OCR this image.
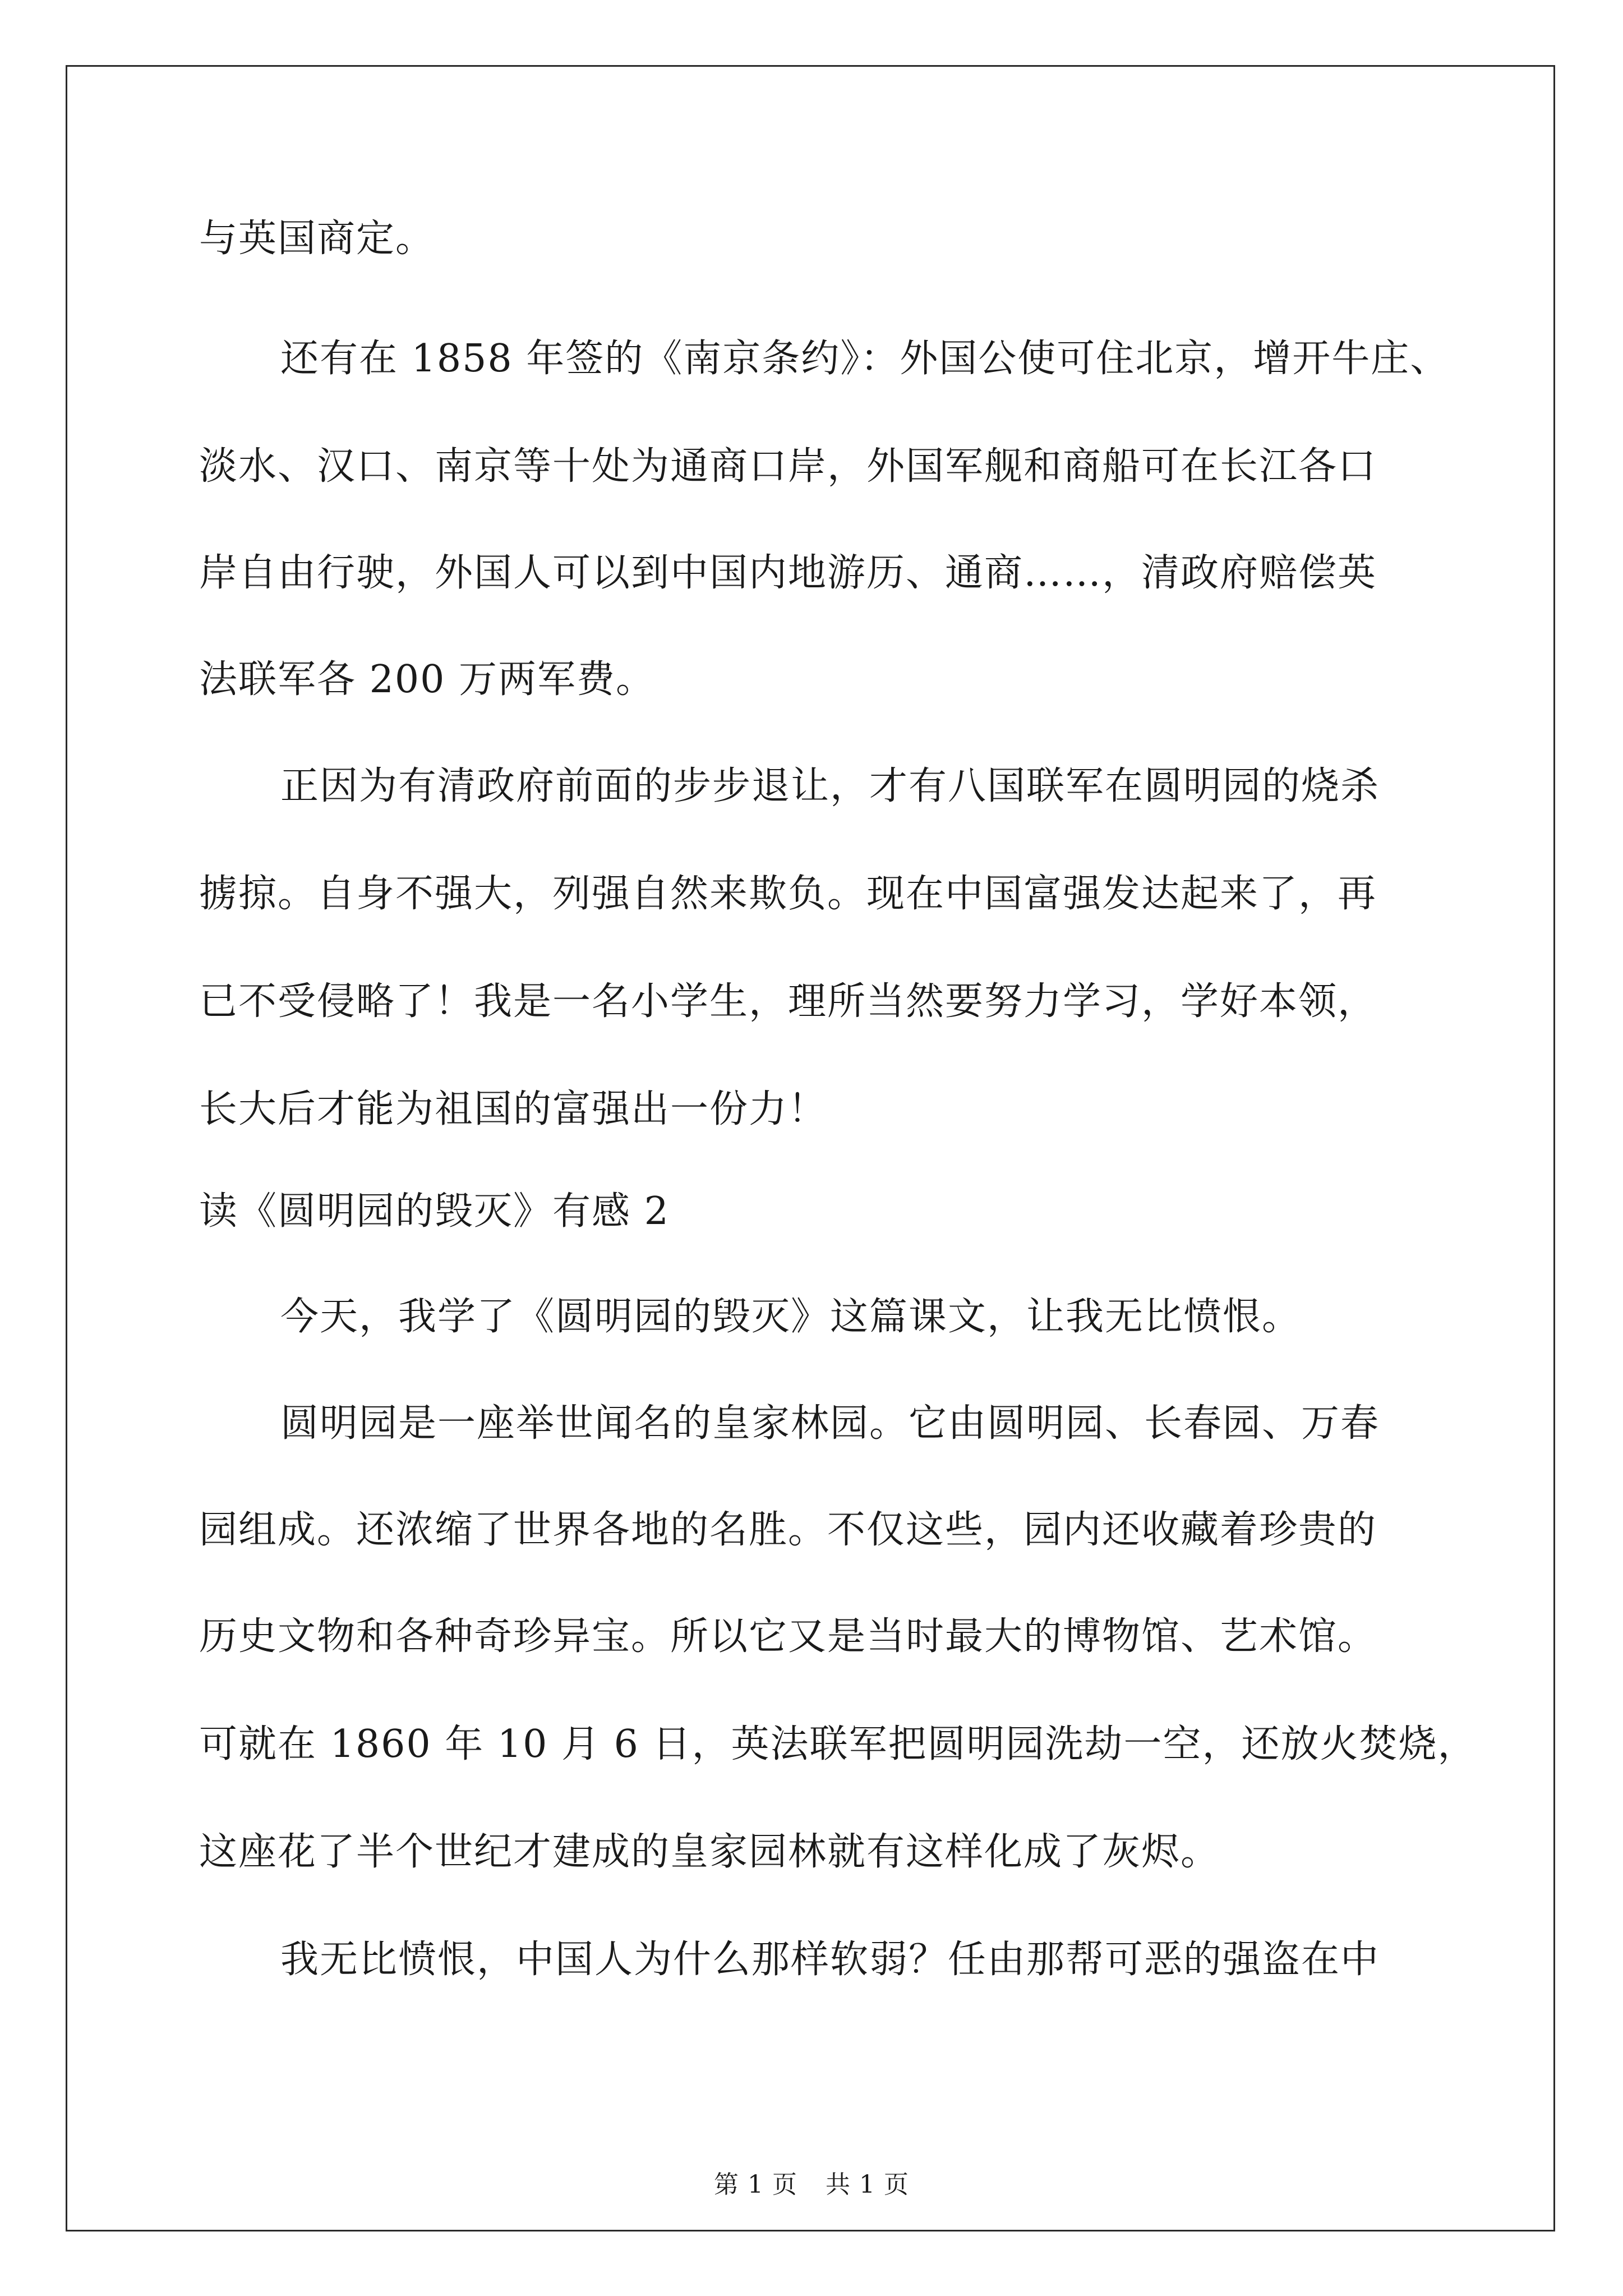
与英国商定。
还有在 1858 年签的《南京条约》：外国公使可住北京，增开牛庄、
淡水、汉口、南京等十处为通商口岸，外国军舰和商船可在长江各口
岸自由行驶，外国人可以到中国内地游历、通商……，清政府赔偿英
法联军各 200 万两军费。
正因为有清政府前面的步步退让，才有八国联军在圆明园的烧杀
掳掠。自身不强大，列强自然来欺负。现在中国富强发达起来了，再
已不受侵略了！我是一名小学生，理所当然要努力学习，学好本领，
长大后才能为祖国的富强出一份力！
读《圆明园的毁灭》有感 2
今天，我学了《圆明园的毁灭》这篇课文，让我无比愤恨。
圆明园是一座举世闻名的皇家林园。它由圆明园、长春园、万春
园组成。还浓缩了世界各地的名胜。不仅这些，园内还收藏着珍贵的
历史文物和各种奇珍异宝。所以它又是当时最大的博物馆、艺术馆。
可就在 1860 年 10 月 6 日，英法联军把圆明园洗劫一空，还放火焚烧，
这座花了半个世纪才建成的皇家园林就有这样化成了灰烬。
我无比愤恨，中国人为什么那样软弱？任由那帮可恶的强盗在中
第 1 页 共 1 页
